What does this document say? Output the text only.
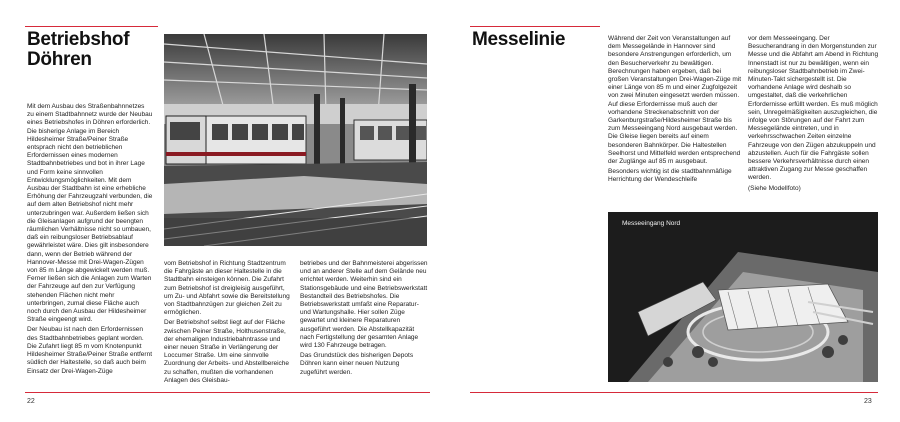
Betriebshof
Döhren

Mit dem Ausbau des Straßenbahnnetzes zu einem Stadtbahnnetz wurde der Neubau eines Betriebshofes in Döhren erforderlich. Die bisherige Anlage im Bereich Hildesheimer Straße/Peiner Straße entsprach nicht den betrieblichen Erfordernissen eines modernen Stadtbahnbetriebes und bot in ihrer Lage und Form keine sinnvollen Entwicklungsmöglichkeiten. Mit dem Ausbau der Stadtbahn ist eine erhebliche Erhöhung der Fahrzeugzahl verbunden, die auf dem alten Betriebshof nicht mehr unterzubringen war. Außerdem ließen sich die Gleisanlagen aufgrund der beengten räumlichen Verhältnisse nicht so umbauen, daß ein reibungsloser Betriebsablauf gewährleistet wäre. Dies gilt insbesondere dann, wenn der Betrieb während der Hannover-Messe mit Drei-Wagen-Zügen von 85 m Länge abgewickelt werden muß. Ferner ließen sich die Anlagen zum Warten der Fahrzeuge auf den zur Verfügung stehenden Flächen nicht mehr unterbringen, zumal diese Fläche auch noch durch den Ausbau der Hildesheimer Straße eingeengt wird.

Der Neubau ist nach den Erfordernissen des Stadtbahnbetriebes geplant worden. Die Zufahrt liegt 85 m vom Knotenpunkt Hildesheimer Straße/Peiner Straße entfernt südlich der Haltestelle, so daß auch beim Einsatz der Drei-Wagen-Züge

vom Betriebshof in Richtung Stadtzentrum die Fahrgäste an dieser Haltestelle in die Stadtbahn einsteigen können. Die Zufahrt zum Betriebshof ist dreigleisig ausgeführt, um Zu- und Abfahrt sowie die Bereitstellung von Stadtbahnzügen zur gleichen Zeit zu ermöglichen.

Der Betriebshof selbst liegt auf der Fläche zwischen Peiner Straße, Holthusenstraße, der ehemaligen Industriebahntrasse und einer neuen Straße in Verlängerung der Loccumer Straße. Um eine sinnvolle Zuordnung der Arbeits- und Abstellbereiche zu schaffen, mußten die vorhandenen Anlagen des Gleisbau-

betriebes und der Bahnmeisterei abgerissen und an anderer Stelle auf dem Gelände neu errichtet werden. Weiterhin sind ein Stationsgebäude und eine Betriebswerkstatt Bestandteil des Betriebshofes. Die Betriebswerkstatt umfaßt eine Reparatur- und Wartungshalle. Hier sollen Züge gewartet und kleinere Reparaturen ausgeführt werden. Die Abstellkapazität nach Fertigstellung der gesamten Anlage wird 130 Fahrzeuge betragen.

Das Grundstück des bisherigen Depots Döhren kann einer neuen Nutzung zugeführt werden.

22
Messelinie	Während der Zeit von Veranstaltungen auf dem Messegelände in Hannover sind besondere Anstrengungen erforderlich, um den Besucherverkehr zu bewältigen. Berechnungen haben ergeben, daß bei großen Veranstaltungen Drei-Wagen-Züge mit einer Länge von 85 m und einer Zugfolgezeit von zwei Minuten eingesetzt werden müssen. Auf diese Erfordernisse muß auch der vorhandene Streckenabschnitt von der Garkenburgstraße/Hildesheimer Straße bis zum Messeeingang Nord ausgebaut werden. Die Gleise liegen bereits auf einem besonderen Bahnkörper. Die Haltestellen Seelhorst und Mittelfeld werden entsprechend der Zuglänge auf 85 m ausgebaut.

Besonders wichtig ist die stadtbahnmäßige Herrichtung der Wendeschleife

vor dem Messeeingang. Der Besucherandrang in den Morgenstunden zur Messe und die Abfahrt am Abend in Richtung Innenstadt ist nur zu bewältigen, wenn ein reibungsloser Stadtbahnbetrieb im Zwei-Minuten-Takt sichergestellt ist. Die vorhandene Anlage wird deshalb so umgestaltet, daß die verkehrlichen Erfordernisse erfüllt werden. Es muß möglich sein, Unregelmäßigkeiten auszugleichen, die infolge von Störungen auf der Fahrt zum Messegelände eintreten, und in verkehrsschwachen Zeiten einzelne Fahrzeuge von den Zügen abzukuppeln und abzustellen. Auch für die Fahrgäste sollen bessere Verkehrsverhältnisse durch einen attraktiven Zugang zur Messe geschaffen werden.

(Siehe Modellfoto)

Messeeingang Nord
23
